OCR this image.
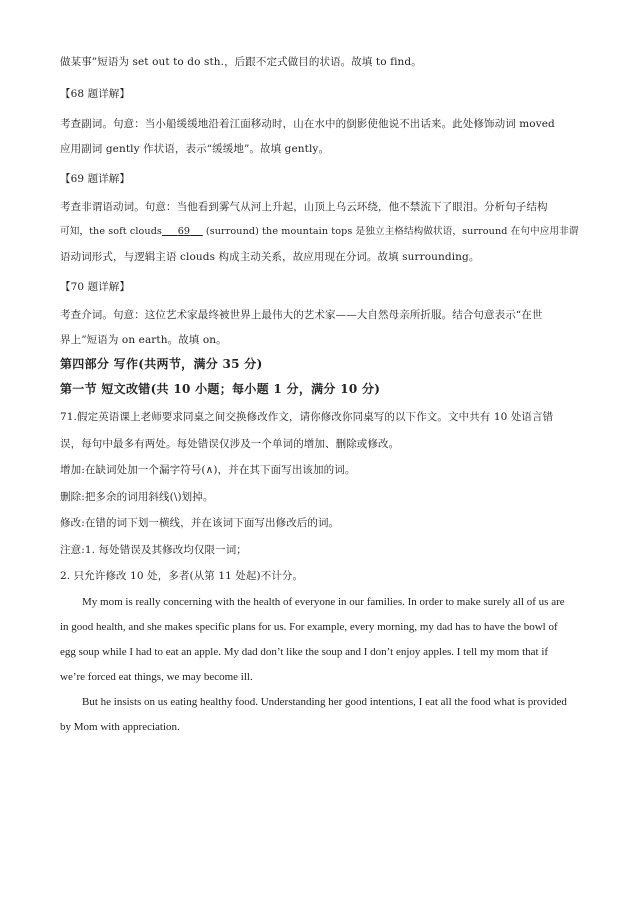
做某事”短语为 set out to do sth.，后跟不定式做目的状语。故填 to find。
【68 题详解】
考查副词。句意：当小船缓缓地沿着江面移动时，山在水中的倒影使他说不出话来。此处修饰动词 moved
应用副词 gently 作状语，表示“缓缓地”。故填 gently。
【69 题详解】
考查非谓语动词。句意：当他看到雾气从河上升起，山顶上乌云环绕，他不禁流下了眼泪。分析句子结构
可知，the soft clouds 69 (surround) the mountain tops 是独立主格结构做状语，surround 在句中应用非谓
语动词形式，与逻辑主语 clouds 构成主动关系，故应用现在分词。故填 surrounding。
【70 题详解】
考查介词。句意：这位艺术家最终被世界上最伟大的艺术家——大自然母亲所折服。结合句意表示“在世
界上”短语为 on earth。故填 on。
第四部分 写作(共两节，满分 35 分)
第一节 短文改错(共 10 小题；每小题 1 分，满分 10 分)
71.假定英语课上老师要求同桌之间交换修改作文，请你修改你同桌写的以下作文。文中共有 10 处语言错
误，每句中最多有两处。每处错误仅涉及一个单词的增加、删除或修改。
增加:在缺词处加一个漏字符号(∧)，并在其下面写出该加的词。
删除:把多余的词用斜线(\)划掉。
修改:在错的词下划一横线，并在该词下面写出修改后的词。
注意:1. 每处错误及其修改均仅限一词；
2. 只允许修改 10 处，多者(从第 11 处起)不计分。
My mom is really concerning with the health of everyone in our families. In order to make surely all of us are
in good health, and she makes specific plans for us. For example, every morning, my dad has to have the bowl of
egg soup while I had to eat an apple. My dad don’t like the soup and I don’t enjoy apples. I tell my mom that if
we’re forced eat things, we may become ill.
But he insists on us eating healthy food. Understanding her good intentions, I eat all the food what is provided
by Mom with appreciation.
